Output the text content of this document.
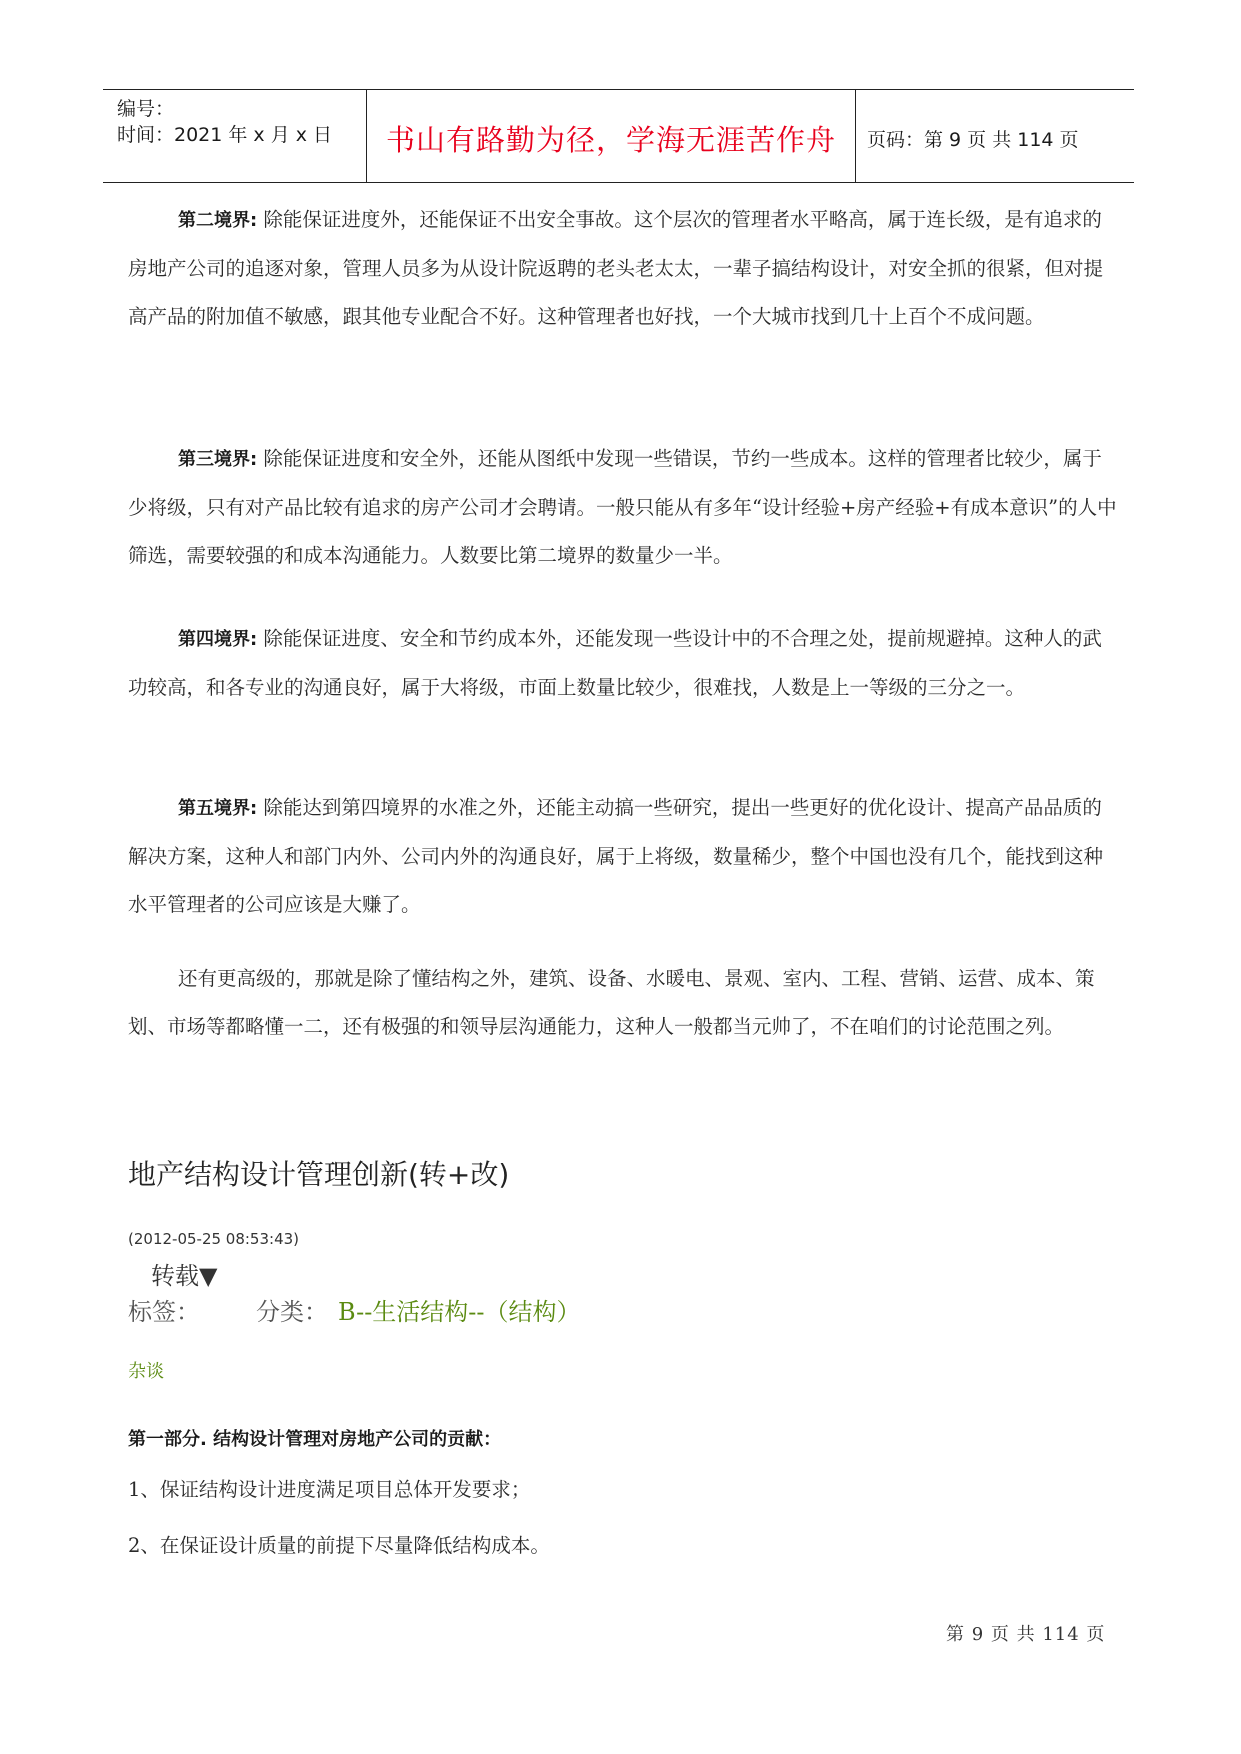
编号：
时间：2021 年 x 月 x 日	书山有路勤为径，学海无涯苦作舟	页码：第 9 页 共 114 页

第二境界: 除能保证进度外，还能保证不出安全事故。这个层次的管理者水平略高，属于连长级，是有追求的房地产公司的追逐对象，管理人员多为从设计院返聘的老头老太太，一辈子搞结构设计，对安全抓的很紧，但对提高产品的附加值不敏感，跟其他专业配合不好。这种管理者也好找，一个大城市找到几十上百个不成问题。

第三境界: 除能保证进度和安全外，还能从图纸中发现一些错误，节约一些成本。这样的管理者比较少，属于少将级，只有对产品比较有追求的房产公司才会聘请。一般只能从有多年“设计经验+房产经验+有成本意识”的人中筛选，需要较强的和成本沟通能力。人数要比第二境界的数量少一半。

第四境界: 除能保证进度、安全和节约成本外，还能发现一些设计中的不合理之处，提前规避掉。这种人的武功较高，和各专业的沟通良好，属于大将级，市面上数量比较少，很难找，人数是上一等级的三分之一。

第五境界: 除能达到第四境界的水准之外，还能主动搞一些研究，提出一些更好的优化设计、提高产品品质的解决方案，这种人和部门内外、公司内外的沟通良好，属于上将级，数量稀少，整个中国也没有几个，能找到这种水平管理者的公司应该是大赚了。

还有更高级的，那就是除了懂结构之外，建筑、设备、水暖电、景观、室内、工程、营销、运营、成本、策划、市场等都略懂一二，还有极强的和领导层沟通能力，这种人一般都当元帅了，不在咱们的讨论范围之列。

地产结构设计管理创新(转+改)
(2012-05-25 08:53:43)
转载▼
标签： 分类： B--生活结构--（结构）
杂谈
第一部分. 结构设计管理对房地产公司的贡献：
1、保证结构设计进度满足项目总体开发要求；
2、在保证设计质量的前提下尽量降低结构成本。
第 9 页 共 114 页
